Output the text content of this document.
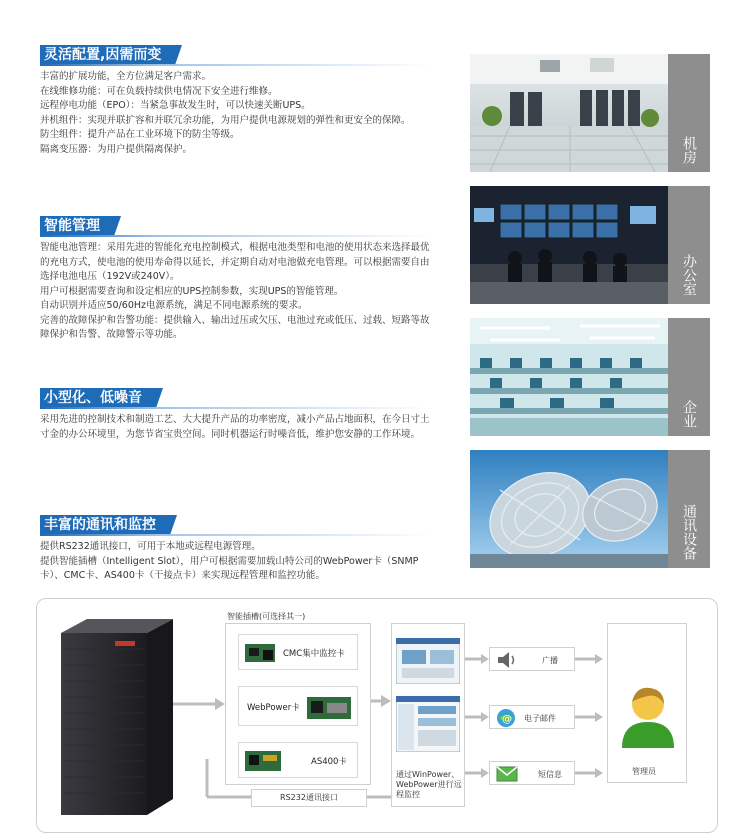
灵活配置,因需而变
丰富的扩展功能，全方位满足客户需求。
在线维修功能：可在负载持续供电情况下安全进行维修。
远程停电功能（EPO）：当紧急事故发生时，可以快速关断UPS。
并机组件：实现并联扩容和并联冗余功能，为用户提供电源规划的弹性和更安全的保障。
防尘组件：提升产品在工业环境下的防尘等级。
隔离变压器：为用户提供隔离保护。
智能管理
智能电池管理：采用先进的智能化充电控制模式，根据电池类型和电池的使用状态来选择最优的充电方式，使电池的使用寿命得以延长，并定期自动对电池做充电管理。可以根据需要自由选择电池电压（192V或240V）。
用户可根据需要查询和设定相应的UPS控制参数，实现UPS的智能管理。
自动识别并适应50/60Hz电源系统，满足不同电源系统的要求。
完善的故障保护和告警功能：提供输入、输出过压或欠压、电池过充或低压、过载、短路等故障保护和告警、故障警示等功能。
小型化、低噪音
采用先进的控制技术和制造工艺、大大提升产品的功率密度，减小产品占地面积，在今日寸土寸金的办公环境里，为您节省宝贵空间。同时机器运行时噪音低，维护您安静的工作环境。
丰富的通讯和监控
提供RS232通讯接口，可用于本地或远程电源管理。
提供智能插槽（Intelligent Slot），用户可根据需要加载山特公司的WebPower卡（SNMP卡）、CMC卡、AS400卡（干接点卡）来实现远程管理和监控功能。
机房
办公室
企业
通讯设备
智能插槽(可选择其一)
CMC集中监控卡
WebPower卡
AS400卡
RS232通讯接口
通过WinPower、WebPower进行远程监控
广播
@ 电子邮件
短信息	管理员
